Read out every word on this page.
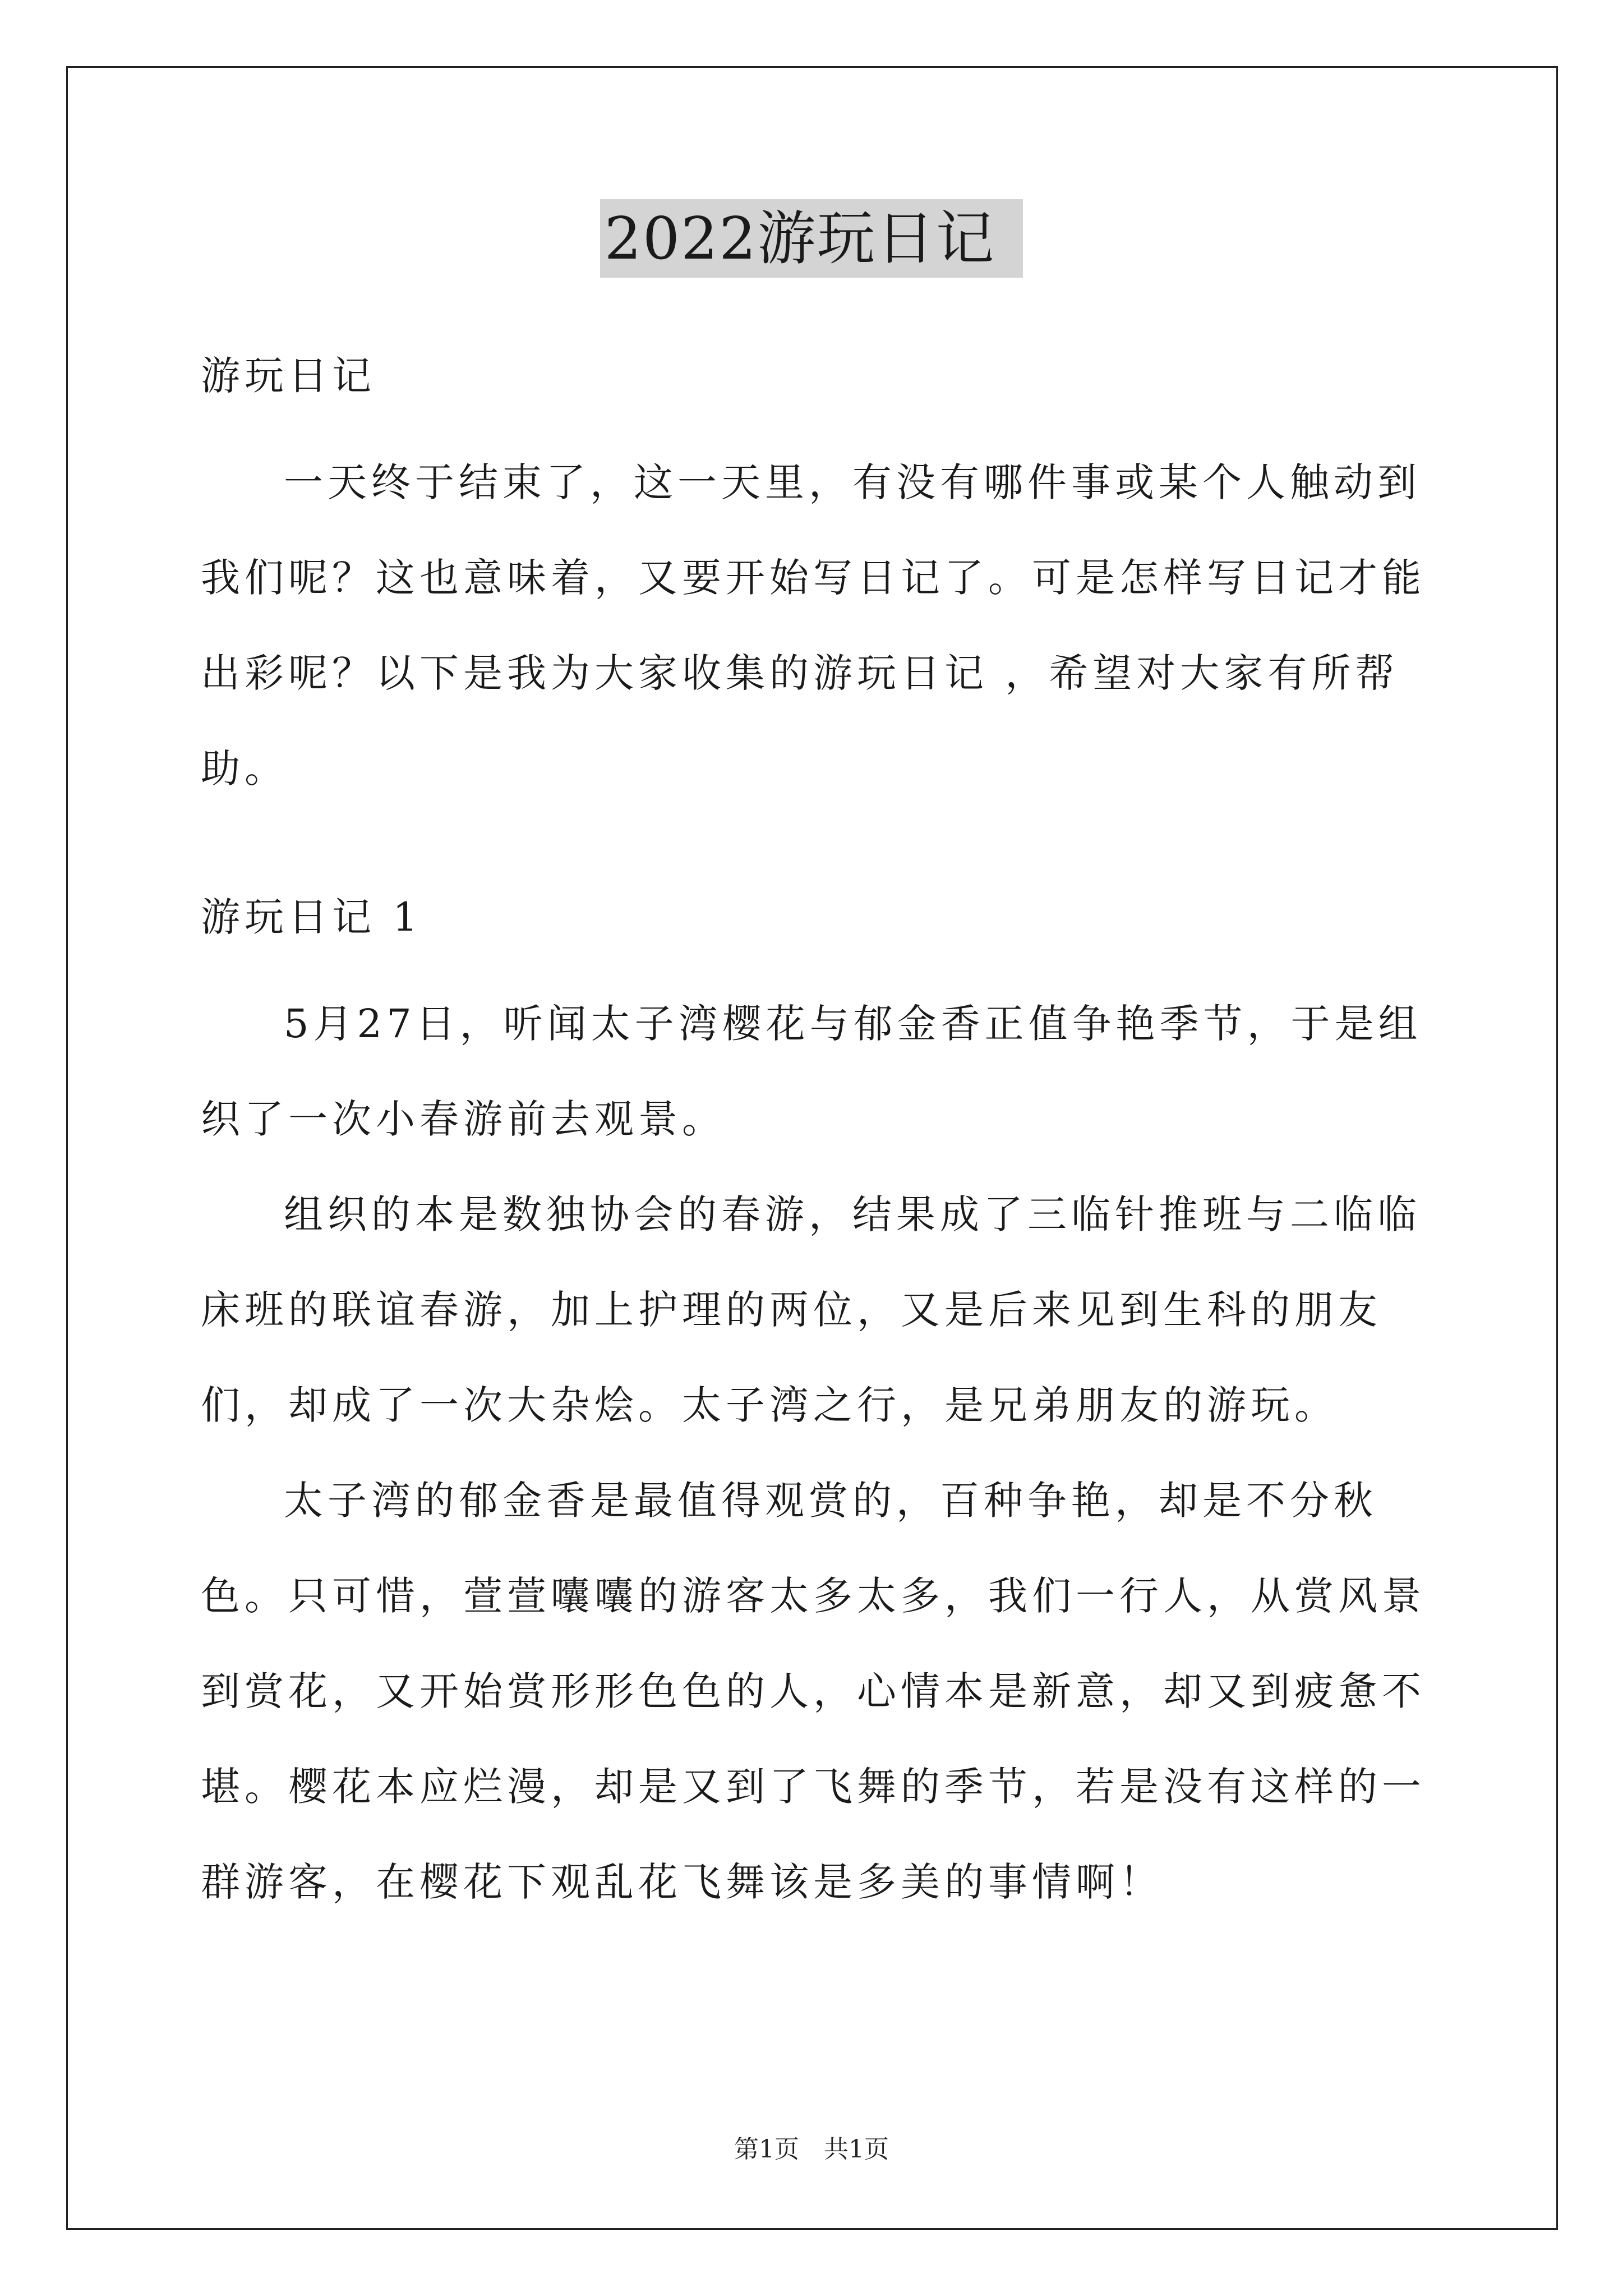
2022游玩日记

游玩日记

一天终于结束了，这一天里，有没有哪件事或某个人触动到我们呢？这也意味着，又要开始写日记了。可是怎样写日记才能出彩呢？以下是我为大家收集的游玩日记 ，希望对大家有所帮助。

游玩日记 1

5月27日，听闻太子湾樱花与郁金香正值争艳季节，于是组织了一次小春游前去观景。

组织的本是数独协会的春游，结果成了三临针推班与二临临床班的联谊春游，加上护理的两位，又是后来见到生科的朋友们，却成了一次大杂烩。太子湾之行，是兄弟朋友的游玩。

太子湾的郁金香是最值得观赏的，百种争艳，却是不分秋色。只可惜，萱萱囔囔的游客太多太多，我们一行人，从赏风景到赏花，又开始赏形形色色的人，心情本是新意，却又到疲惫不堪。樱花本应烂漫，却是又到了飞舞的季节，若是没有这样的一群游客，在樱花下观乱花飞舞该是多美的事情啊！

第1页 共1页
